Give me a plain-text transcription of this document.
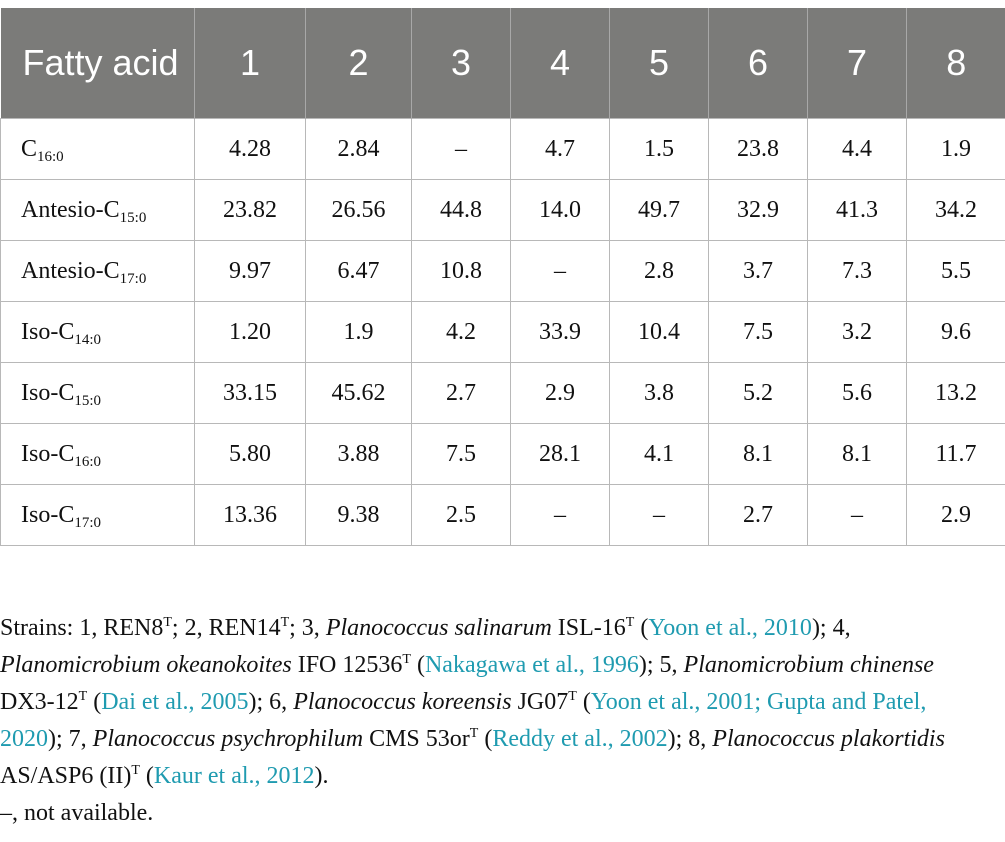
Fatty acid	1	2	3	4	5	6	7	8
$C_{16:0}$	4.28	2.84	–	4.7	1.5	23.8	4.4	1.9
Antesio-$C_{15:0}$	23.82	26.56	44.8	14.0	49.7	32.9	41.3	34.2
Antesio-$C_{17:0}$	9.97	6.47	10.8	–	2.8	3.7	7.3	5.5
Iso-$C_{14:0}$	1.20	1.9	4.2	33.9	10.4	7.5	3.2	9.6
Iso-$C_{15:0}$	33.15	45.62	2.7	2.9	3.8	5.2	5.6	13.2
Iso-$C_{16:0}$	5.80	3.88	7.5	28.1	4.1	8.1	8.1	11.7
Iso-$C_{17:0}$	13.36	9.38	2.5	–	–	2.7	–	2.9

Strains: 1, $REN8^T$; 2, $REN14^T$; 3, Planococcus salinarum ISL-$16^T$ (Yoon et al., 2010); 4, Planomicrobium okeanokoites IFO $12536^T$ (Nakagawa et al., 1996); 5, Planomicrobium chinense $DX3-12^T$ (Dai et al., 2005); 6, Planococcus koreensis $JG07^T$ (Yoon et al., 2001; Gupta and Patel, 2020); 7, Planococcus psychrophilum CMS $53or^T$ (Reddy et al., 2002); 8, Planococcus plakortidis AS/ASP6 (II)$^T$ (Kaur et al., 2012).

–, not available.
